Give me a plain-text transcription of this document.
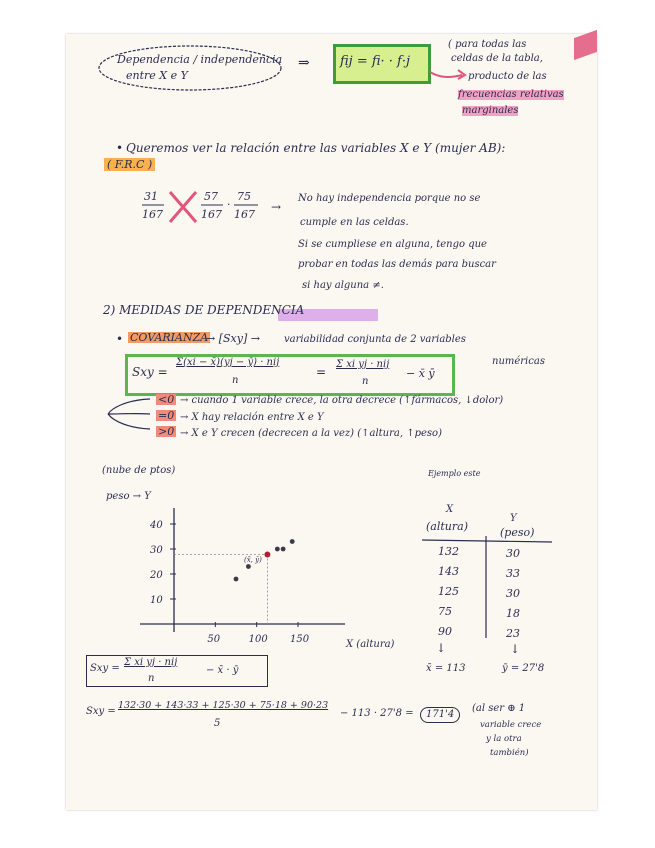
Dependencia / independencia
entre X e Y
⇒ fij = fi· · f·j
( para todas las
celdas de la tabla,
producto de las
frecuencias relativas
marginales
• Queremos ver la relación entre las variables X e Y (mujer AB):
( F.R.C )
31
167
57
167
·
75
167
→
No hay independencia porque no se
cumple en las celdas.
Si se cumpliese en alguna, tengo que
probar en todas las demás para buscar
si hay alguna ≠.
2) MEDIDAS DE DEPENDENCIA
• COVARIANZA
→ [Sxy] → variabilidad conjunta de 2 variables
numéricas
Sxy =
Σ(xi − x̄)(yj − ȳ) · nij
n
=
Σ xi yj · nij
n
− x̄ ȳ
<0 → cuando 1 variable crece, la otra decrece (↑fármacos, ↓dolor)
=0 → X hay relación entre X e Y
>0 → X e Y crecen (decrecen a la vez) (↑altura, ↑peso)
Ejemplo este
(nube de ptos)
peso → Y
X (altura)
10
20
30
40
50	100 150
(x̄, ȳ)
X
(altura)
Y
(peso)
132	30
143	33
125	30
75	18
90	23
↓	↓
x̄ = 113	ȳ = 27'8
Sxy =
Σ xi yj · nij
n
− x̄ · ȳ
Sxy =
132·30 + 143·33 + 125·30 + 75·18 + 90·23
5
− 113 · 27'8 =	171'4
(al ser ⊕ 1
variable crece
y la otra
también)
